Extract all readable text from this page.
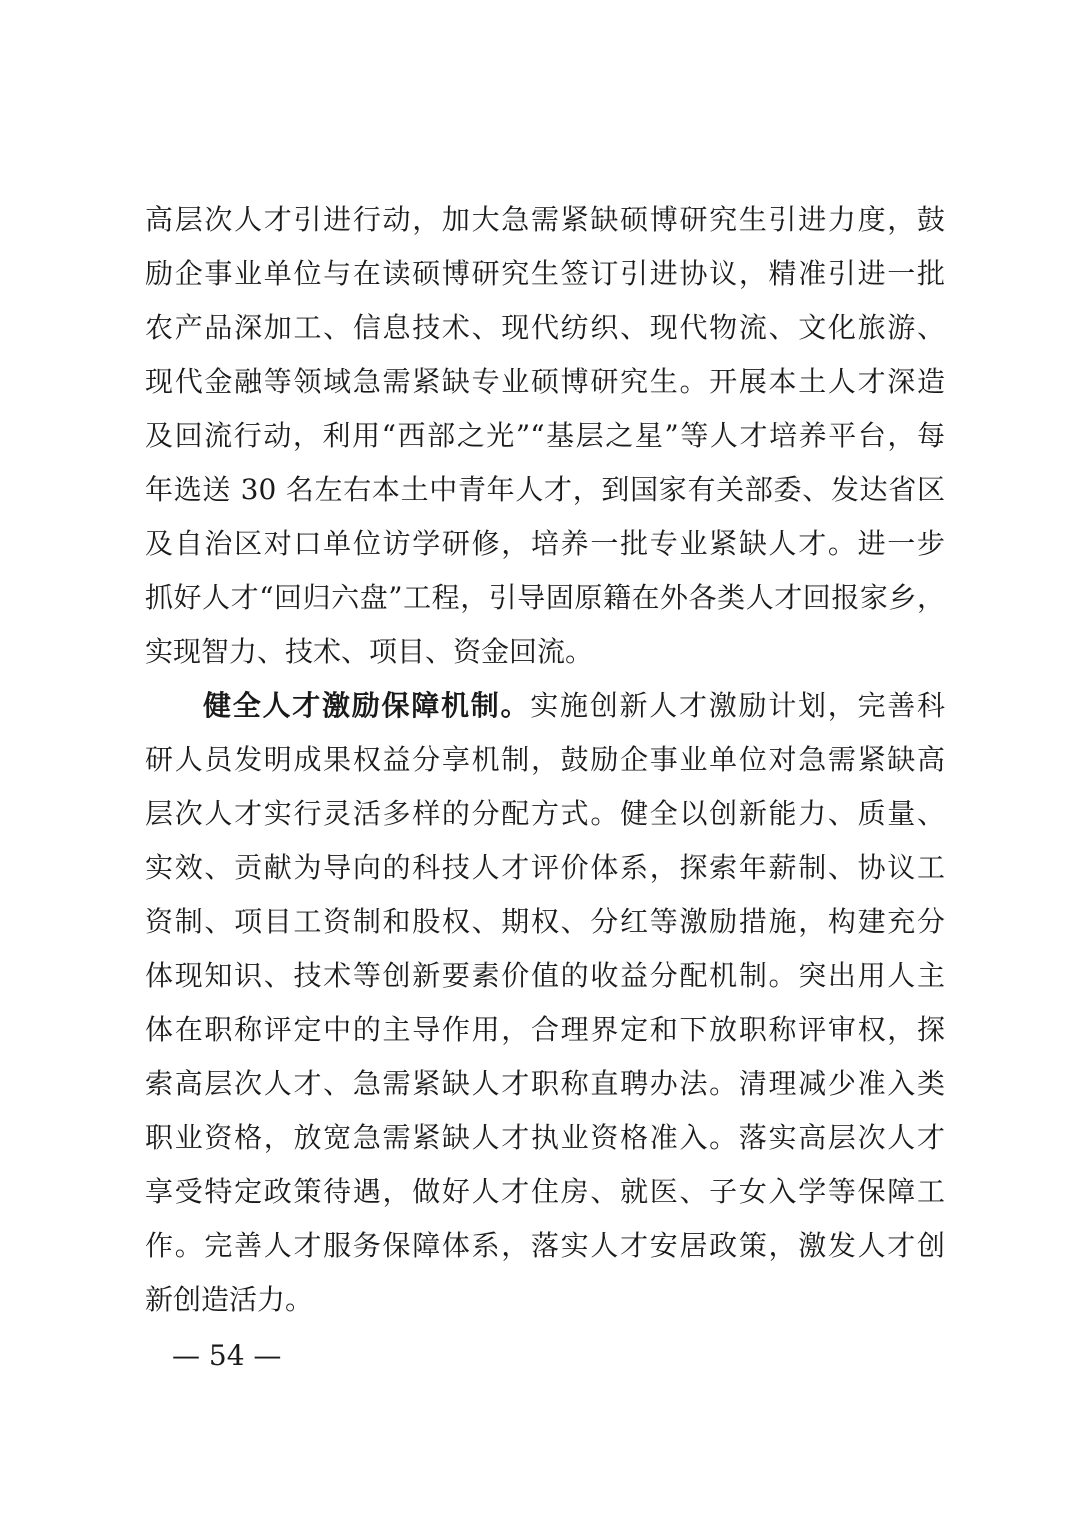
高层次人才引进行动，加大急需紧缺硕博研究生引进力度，鼓
励企事业单位与在读硕博研究生签订引进协议，精准引进一批
农产品深加工、信息技术、现代纺织、现代物流、文化旅游、
现代金融等领域急需紧缺专业硕博研究生。开展本土人才深造
及回流行动，利用“西部之光”“基层之星”等人才培养平台，每
年选送 30 名左右本土中青年人才，到国家有关部委、发达省区
及自治区对口单位访学研修，培养一批专业紧缺人才。进一步
抓好人才“回归六盘”工程，引导固原籍在外各类人才回报家乡，
实现智力、技术、项目、资金回流。
健全人才激励保障机制。实施创新人才激励计划，完善科
研人员发明成果权益分享机制，鼓励企事业单位对急需紧缺高
层次人才实行灵活多样的分配方式。健全以创新能力、质量、
实效、贡献为导向的科技人才评价体系，探索年薪制、协议工
资制、项目工资制和股权、期权、分红等激励措施，构建充分
体现知识、技术等创新要素价值的收益分配机制。突出用人主
体在职称评定中的主导作用，合理界定和下放职称评审权，探
索高层次人才、急需紧缺人才职称直聘办法。清理减少准入类
职业资格，放宽急需紧缺人才执业资格准入。落实高层次人才
享受特定政策待遇，做好人才住房、就医、子女入学等保障工
作。完善人才服务保障体系，落实人才安居政策，激发人才创
新创造活力。
— 54 —
